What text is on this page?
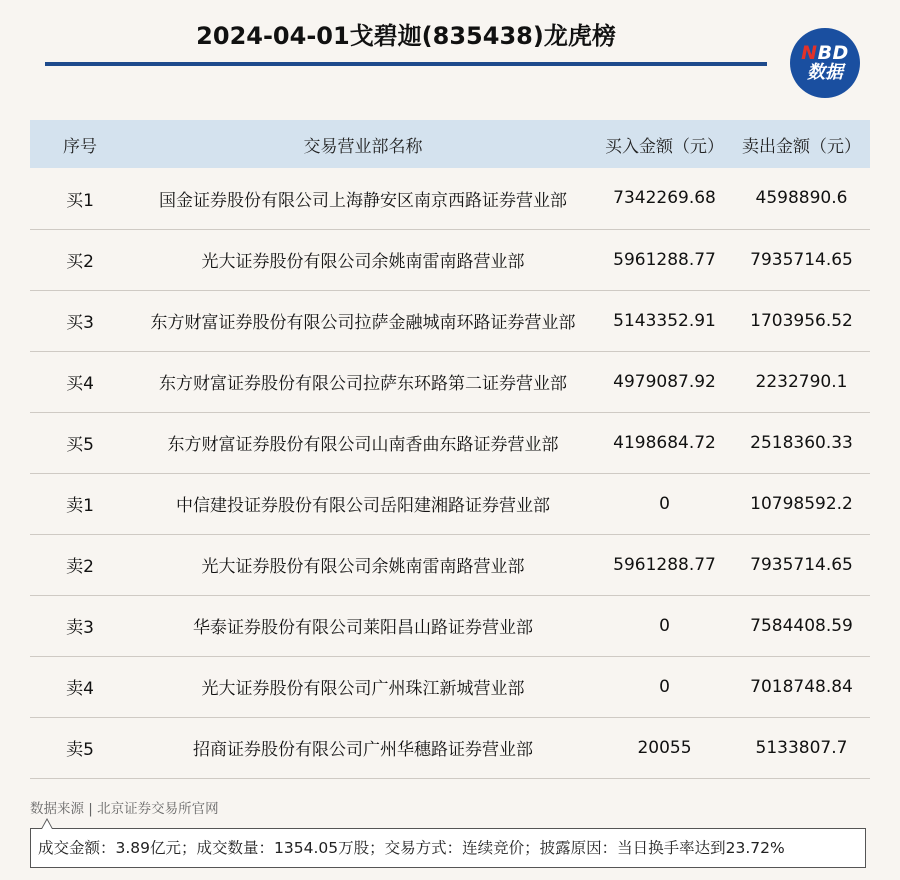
2024-04-01戈碧迦(835438)龙虎榜
NBD
数据
序号	交易营业部名称	买入金额（元）	卖出金额（元）
买1	国金证券股份有限公司上海静安区南京西路证券营业部	7342269.68	4598890.6
买2	光大证券股份有限公司余姚南雷南路营业部	5961288.77	7935714.65
买3	东方财富证券股份有限公司拉萨金融城南环路证券营业部	5143352.91	1703956.52
买4	东方财富证券股份有限公司拉萨东环路第二证券营业部	4979087.92	2232790.1
买5	东方财富证券股份有限公司山南香曲东路证券营业部	4198684.72	2518360.33
卖1	中信建投证券股份有限公司岳阳建湘路证券营业部	0	10798592.2
卖2	光大证券股份有限公司余姚南雷南路营业部	5961288.77	7935714.65
卖3	华泰证券股份有限公司莱阳昌山路证券营业部	0	7584408.59
卖4	光大证券股份有限公司广州珠江新城营业部	0	7018748.84
卖5	招商证券股份有限公司广州华穗路证券营业部	20055	5133807.7
数据来源 | 北京证券交易所官网
成交金额：3.89亿元；成交数量：1354.05万股；交易方式：连续竞价；披露原因：当日换手率达到23.72%
